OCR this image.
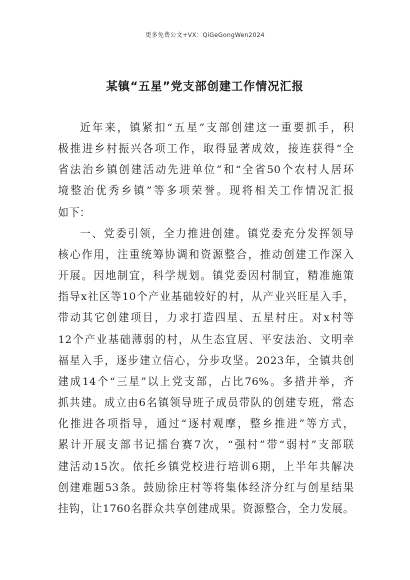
更多免费公文+VX：QiGeGongWen2024
某镇“五星”党支部创建工作情况汇报
近年来，镇紧扣“五星”支部创建这一重要抓手，积
极推进乡村振兴各项工作，取得显著成效，接连获得“全
省法治乡镇创建活动先进单位”和“全省50个农村人居环
境整治优秀乡镇”等多项荣誉。现将相关工作情况汇报
如下：
一、党委引领，全力推进创建。镇党委充分发挥领导
核心作用，注重统筹协调和资源整合，推动创建工作深入
开展。因地制宜，科学规划。镇党委因村制宜，精准施策
指导x社区等10个产业基础较好的村，从产业兴旺星入手，
带动其它创建项目，力求打造四星、五星村庄。对x村等
12个产业基础薄弱的村，从生态宜居、平安法治、文明幸
福星入手，逐步建立信心，分步攻坚。2023年，全镇共创
建成14个“三星”以上党支部，占比76%。多措并举，齐
抓共建。成立由6名镇领导班子成员带队的创建专班，常态
化推进各项指导，通过“逐村观摩，整乡推进”等方式，
累计开展支部书记擂台赛7次，“强村”带“弱村”支部联
建活动15次。依托乡镇党校进行培训6期，上半年共解决
创建难题53条。鼓励徐庄村等将集体经济分红与创星结果
挂钩，让1760名群众共享创建成果。资源整合，全力发展。
